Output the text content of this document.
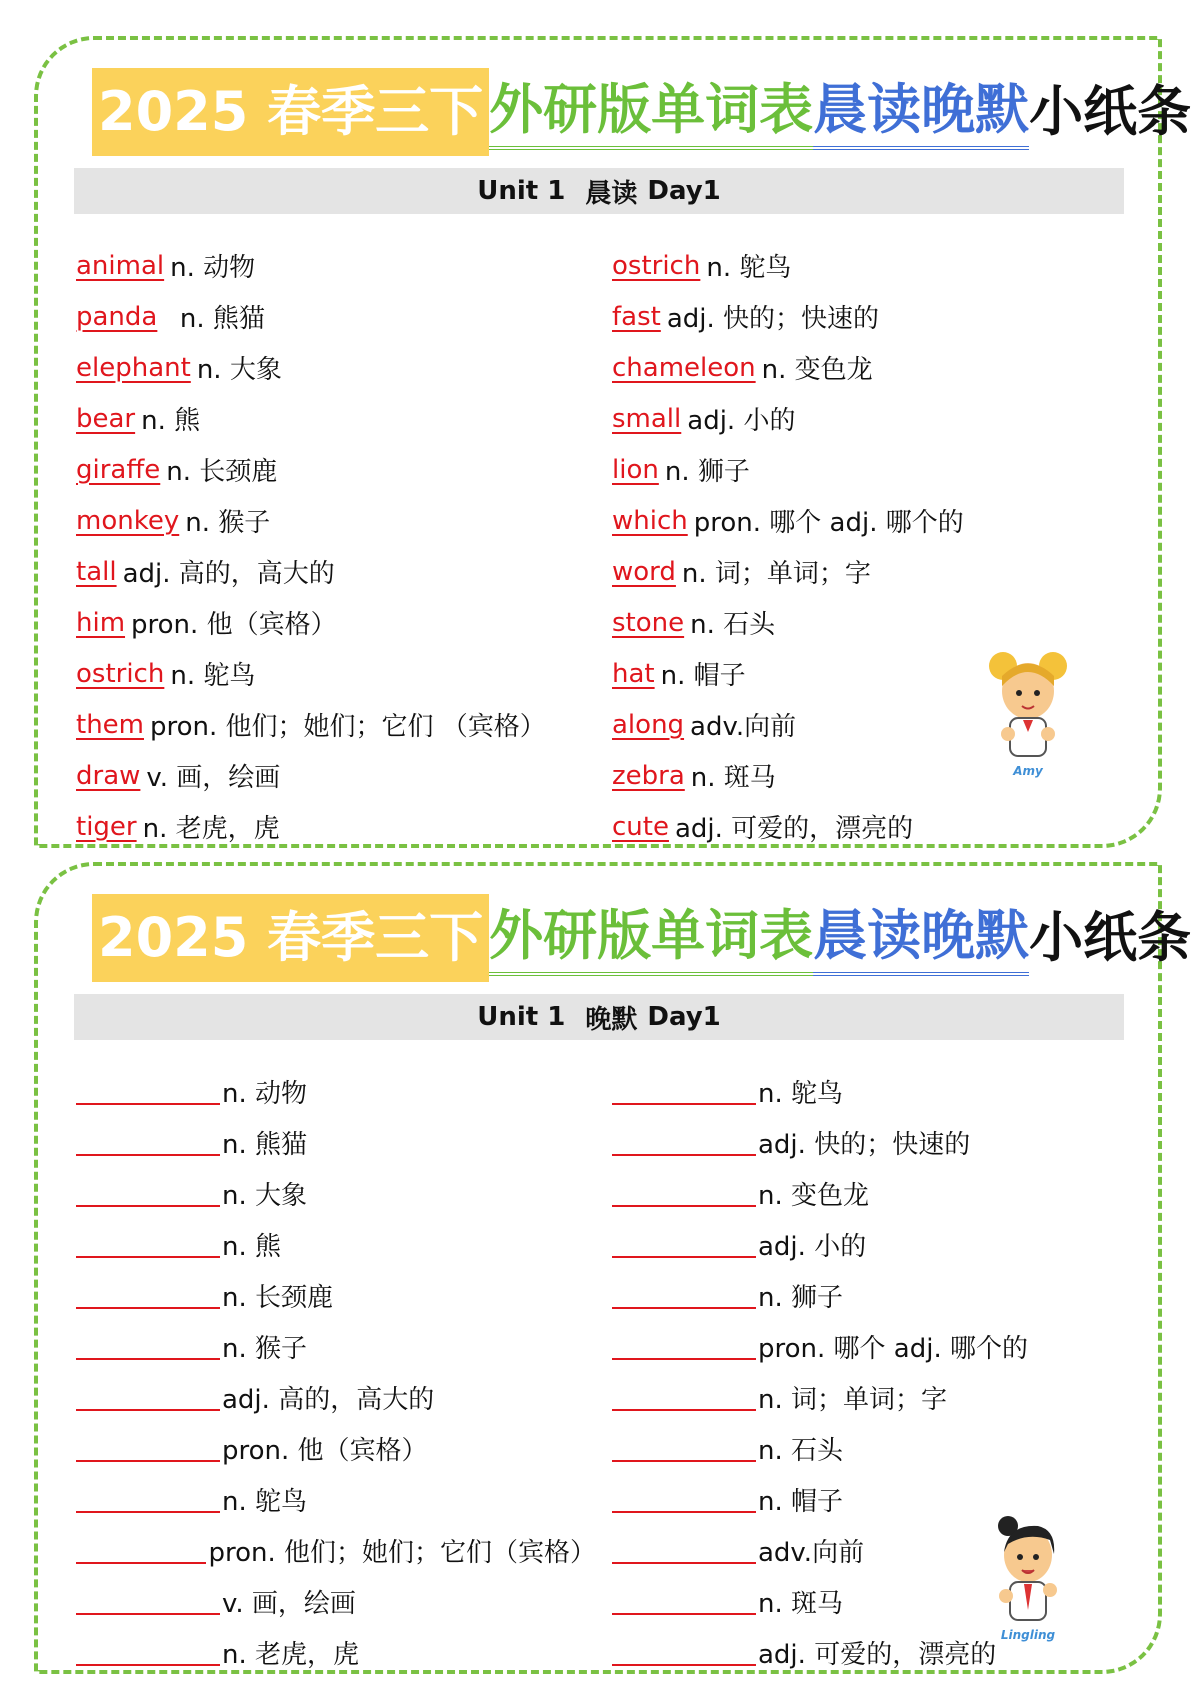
2025 春季三下 外研版单词表 晨读晚默 小纸条
Unit 1 晨读 Day1
animal n. 动物
panda n. 熊猫
elephant n. 大象
bear n. 熊
giraffe n. 长颈鹿
monkey n. 猴子
tall adj. 高的，高大的
him pron. 他（宾格）
ostrich n. 鸵鸟
them pron. 他们；她们；它们 （宾格）
draw v. 画，绘画
tiger n. 老虎，虎
ostrich n. 鸵鸟
fast adj. 快的；快速的
chameleon n. 变色龙
small adj. 小的
lion n. 狮子
which pron. 哪个 adj. 哪个的
word n. 词；单词；字
stone n. 石头
hat n. 帽子
along adv.向前
zebra n. 斑马
cute adj. 可爱的，漂亮的
Amy
2025 春季三下 外研版单词表 晨读晚默 小纸条
Unit 1 晚默 Day1
n. 动物
n. 熊猫
n. 大象
n. 熊
n. 长颈鹿
n. 猴子
adj. 高的，高大的
pron. 他（宾格）
n. 鸵鸟
pron. 他们；她们；它们（宾格）
v. 画，绘画
n. 老虎，虎
n. 鸵鸟
adj. 快的；快速的
n. 变色龙
adj. 小的
n. 狮子
pron. 哪个 adj. 哪个的
n. 词；单词；字
n. 石头
n. 帽子
adv.向前
n. 斑马
adj. 可爱的，漂亮的
Lingling
